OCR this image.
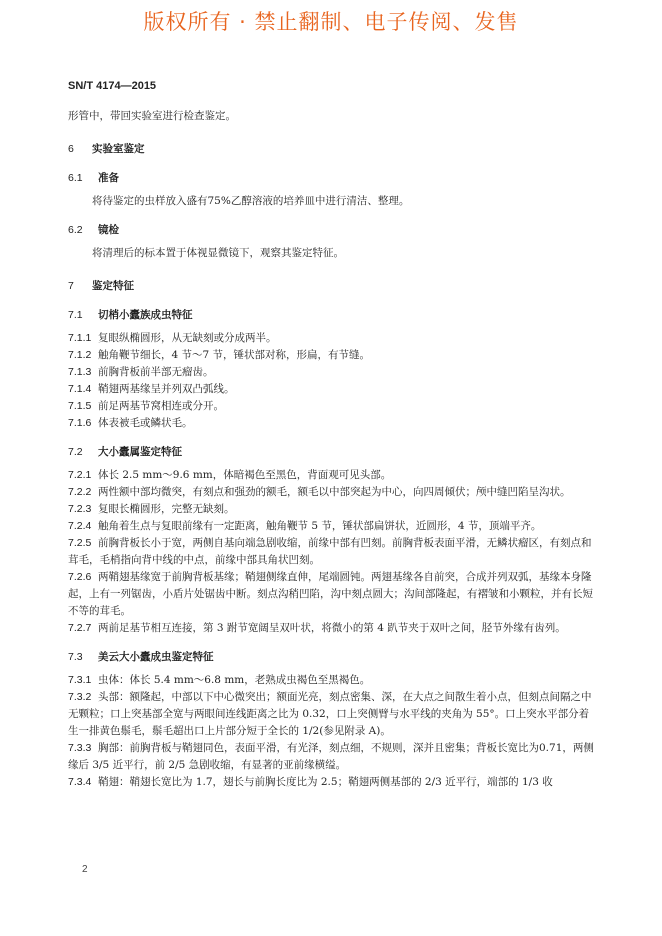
版权所有 · 禁止翻制、电子传阅、发售
SN/T 4174—2015

形管中，带回实验室进行检查鉴定。

6 实验室鉴定

6.1 准备

将待鉴定的虫样放入盛有75%乙醇溶液的培养皿中进行清洁、整理。

6.2 镜检

将清理后的标本置于体视显微镜下，观察其鉴定特征。

7 鉴定特征

7.1 切梢小蠹族成虫特征

7.1.1 复眼纵椭圆形，从无缺刻或分成两半。

7.1.2 触角鞭节细长，4 节～7 节，锤状部对称，形扁，有节缝。

7.1.3 前胸背板前半部无瘤齿。

7.1.4 鞘翅两基缘呈并列双凸弧线。

7.1.5 前足两基节窝相连或分开。

7.1.6 体表被毛或鳞状毛。

7.2 大小蠹属鉴定特征

7.2.1 体长 2.5 mm～9.6 mm，体暗褐色至黑色，背面观可见头部。

7.2.2 两性额中部均微突，有刻点和强劲的额毛，额毛以中部突起为中心，向四周倾伏；颅中缝凹陷呈沟状。

7.2.3 复眼长椭圆形，完整无缺刻。

7.2.4 触角着生点与复眼前缘有一定距离，触角鞭节 5 节，锤状部扁饼状，近圆形，4 节，顶端平齐。

7.2.5 前胸背板长小于宽，两侧自基向端急剧收缩，前缘中部有凹刻。前胸背板表面平滑，无鳞状瘤区，有刻点和茸毛，毛梢指向背中线的中点，前缘中部具角状凹刻。

7.2.6 两鞘翅基缘宽于前胸背板基缘；鞘翅侧缘直伸，尾端圆钝。两翅基缘各自前突，合成并列双弧，基缘本身隆起，上有一列锯齿，小盾片处锯齿中断。刻点沟稍凹陷，沟中刻点圆大；沟间部隆起，有褶皱和小颗粒，并有长短不等的茸毛。

7.2.7 两前足基节相互连接，第 3 跗节宽阔呈双叶状，将微小的第 4 趴节夹于双叶之间，胫节外缘有齿列。

7.3 美云大小蠹成虫鉴定特征

7.3.1 虫体：体长 5.4 mm～6.8 mm，老熟成虫褐色至黑褐色。

7.3.2 头部：额隆起，中部以下中心微突出；额面光亮，刻点密集、深，在大点之间散生着小点，但刻点间隔之中无颗粒；口上突基部全宽与两眼间连线距离之比为 0.32，口上突侧臂与水平线的夹角为 55°。口上突水平部分着生一排黄色鬃毛，鬃毛超出口上片部分短于全长的 1/2(参见附录 A)。

7.3.3 胸部：前胸背板与鞘翅同色，表面平滑，有光泽，刻点细，不规则，深并且密集；背板长宽比为0.71，两侧缘后 3/5 近平行，前 2/5 急剧收缩，有显著的亚前缘横缢。

7.3.4 鞘翅：鞘翅长宽比为 1.7，翅长与前胸长度比为 2.5；鞘翅两侧基部的 2/3 近平行，端部的 1/3 收

2
